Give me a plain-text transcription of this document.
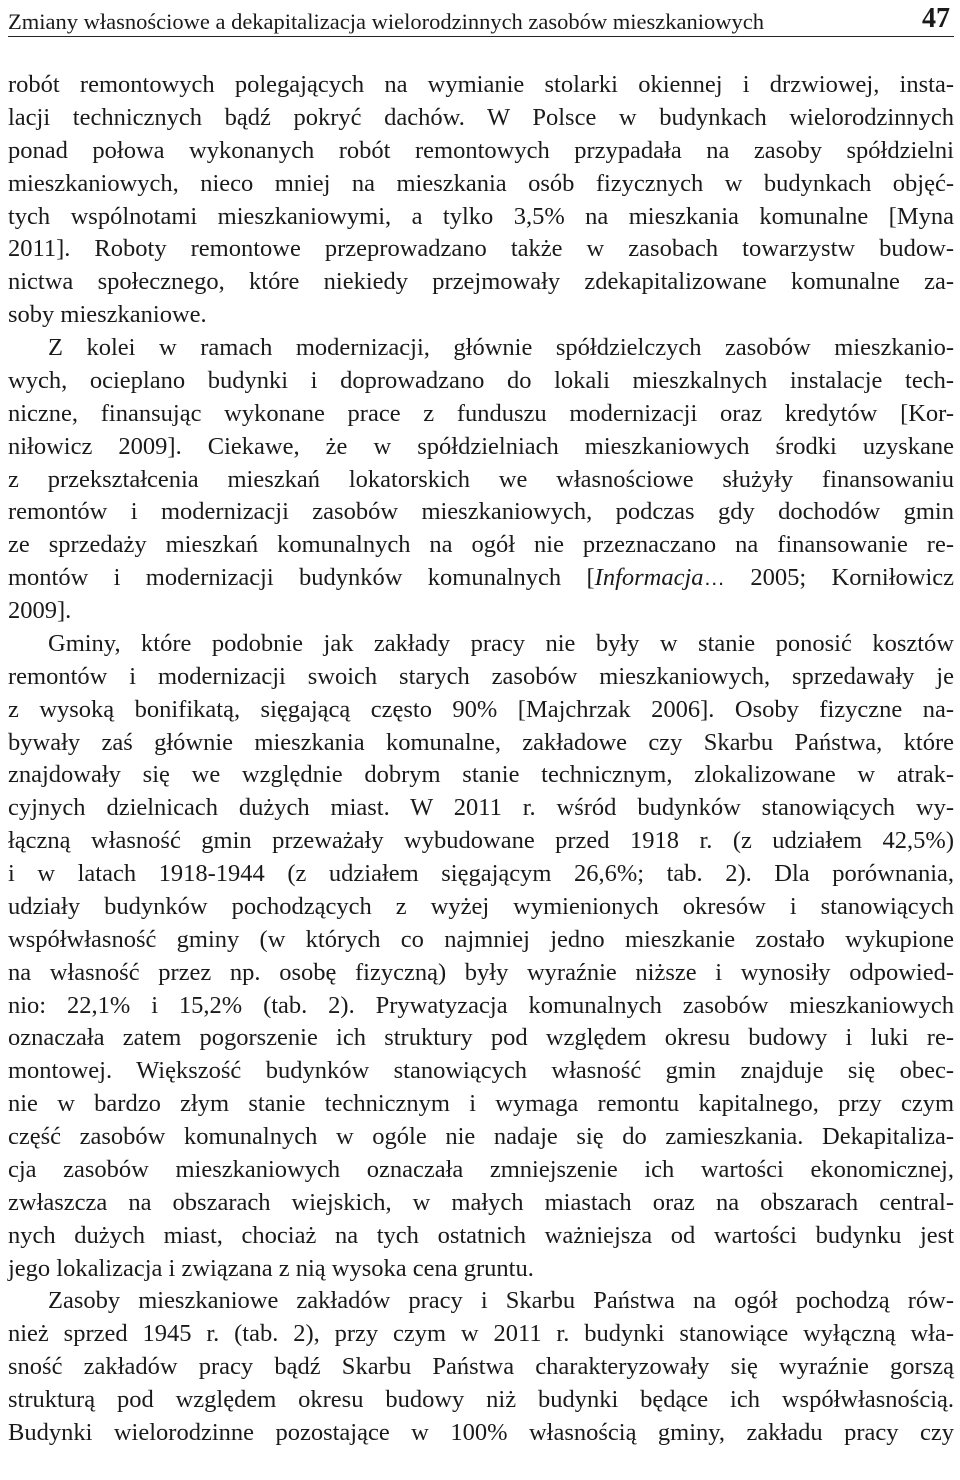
Zmiany własnościowe a dekapitalizacja wielorodzinnych zasobów mieszkaniowych	47
robót remontowych polegających na wymianie stolarki okiennej i drzwiowej, insta-
lacji technicznych bądź pokryć dachów. W Polsce w budynkach wielorodzinnych
ponad połowa wykonanych robót remontowych przypadała na zasoby spółdzielni
mieszkaniowych, nieco mniej na mieszkania osób fizycznych w budynkach objęć-
tych wspólnotami mieszkaniowymi, a tylko 3,5% na mieszkania komunalne [Myna
2011]. Roboty remontowe przeprowadzano także w zasobach towarzystw budow-
nictwa społecznego, które niekiedy przejmowały zdekapitalizowane komunalne za-
soby mieszkaniowe.
Z kolei w ramach modernizacji, głównie spółdzielczych zasobów mieszkanio-
wych, ocieplano budynki i doprowadzano do lokali mieszkalnych instalacje tech-
niczne, finansując wykonane prace z funduszu modernizacji oraz kredytów [Kor-
niłowicz 2009]. Ciekawe, że w spółdzielniach mieszkaniowych środki uzyskane
z przekształcenia mieszkań lokatorskich we własnościowe służyły finansowaniu
remontów i modernizacji zasobów mieszkaniowych, podczas gdy dochodów gmin
ze sprzedaży mieszkań komunalnych na ogół nie przeznaczano na finansowanie re-
montów i modernizacji budynków komunalnych [Informacja… 2005; Korniłowicz
2009].
Gminy, które podobnie jak zakłady pracy nie były w stanie ponosić kosztów
remontów i modernizacji swoich starych zasobów mieszkaniowych, sprzedawały je
z wysoką bonifikatą, sięgającą często 90% [Majchrzak 2006]. Osoby fizyczne na-
bywały zaś głównie mieszkania komunalne, zakładowe czy Skarbu Państwa, które
znajdowały się we względnie dobrym stanie technicznym, zlokalizowane w atrak-
cyjnych dzielnicach dużych miast. W 2011 r. wśród budynków stanowiących wy-
łączną własność gmin przeważały wybudowane przed 1918 r. (z udziałem 42,5%)
i w latach 1918-1944 (z udziałem sięgającym 26,6%; tab. 2). Dla porównania,
udziały budynków pochodzących z wyżej wymienionych okresów i stanowiących
współwłasność gminy (w których co najmniej jedno mieszkanie zostało wykupione
na własność przez np. osobę fizyczną) były wyraźnie niższe i wynosiły odpowied-
nio: 22,1% i 15,2% (tab. 2). Prywatyzacja komunalnych zasobów mieszkaniowych
oznaczała zatem pogorszenie ich struktury pod względem okresu budowy i luki re-
montowej. Większość budynków stanowiących własność gmin znajduje się obec-
nie w bardzo złym stanie technicznym i wymaga remontu kapitalnego, przy czym
część zasobów komunalnych w ogóle nie nadaje się do zamieszkania. Dekapitaliza-
cja zasobów mieszkaniowych oznaczała zmniejszenie ich wartości ekonomicznej,
zwłaszcza na obszarach wiejskich, w małych miastach oraz na obszarach central-
nych dużych miast, chociaż na tych ostatnich ważniejsza od wartości budynku jest
jego lokalizacja i związana z nią wysoka cena gruntu.
Zasoby mieszkaniowe zakładów pracy i Skarbu Państwa na ogół pochodzą rów-
nież sprzed 1945 r. (tab. 2), przy czym w 2011 r. budynki stanowiące wyłączną wła-
sność zakładów pracy bądź Skarbu Państwa charakteryzowały się wyraźnie gorszą
strukturą pod względem okresu budowy niż budynki będące ich współwłasnością.
Budynki wielorodzinne pozostające w 100% własnością gminy, zakładu pracy czy
